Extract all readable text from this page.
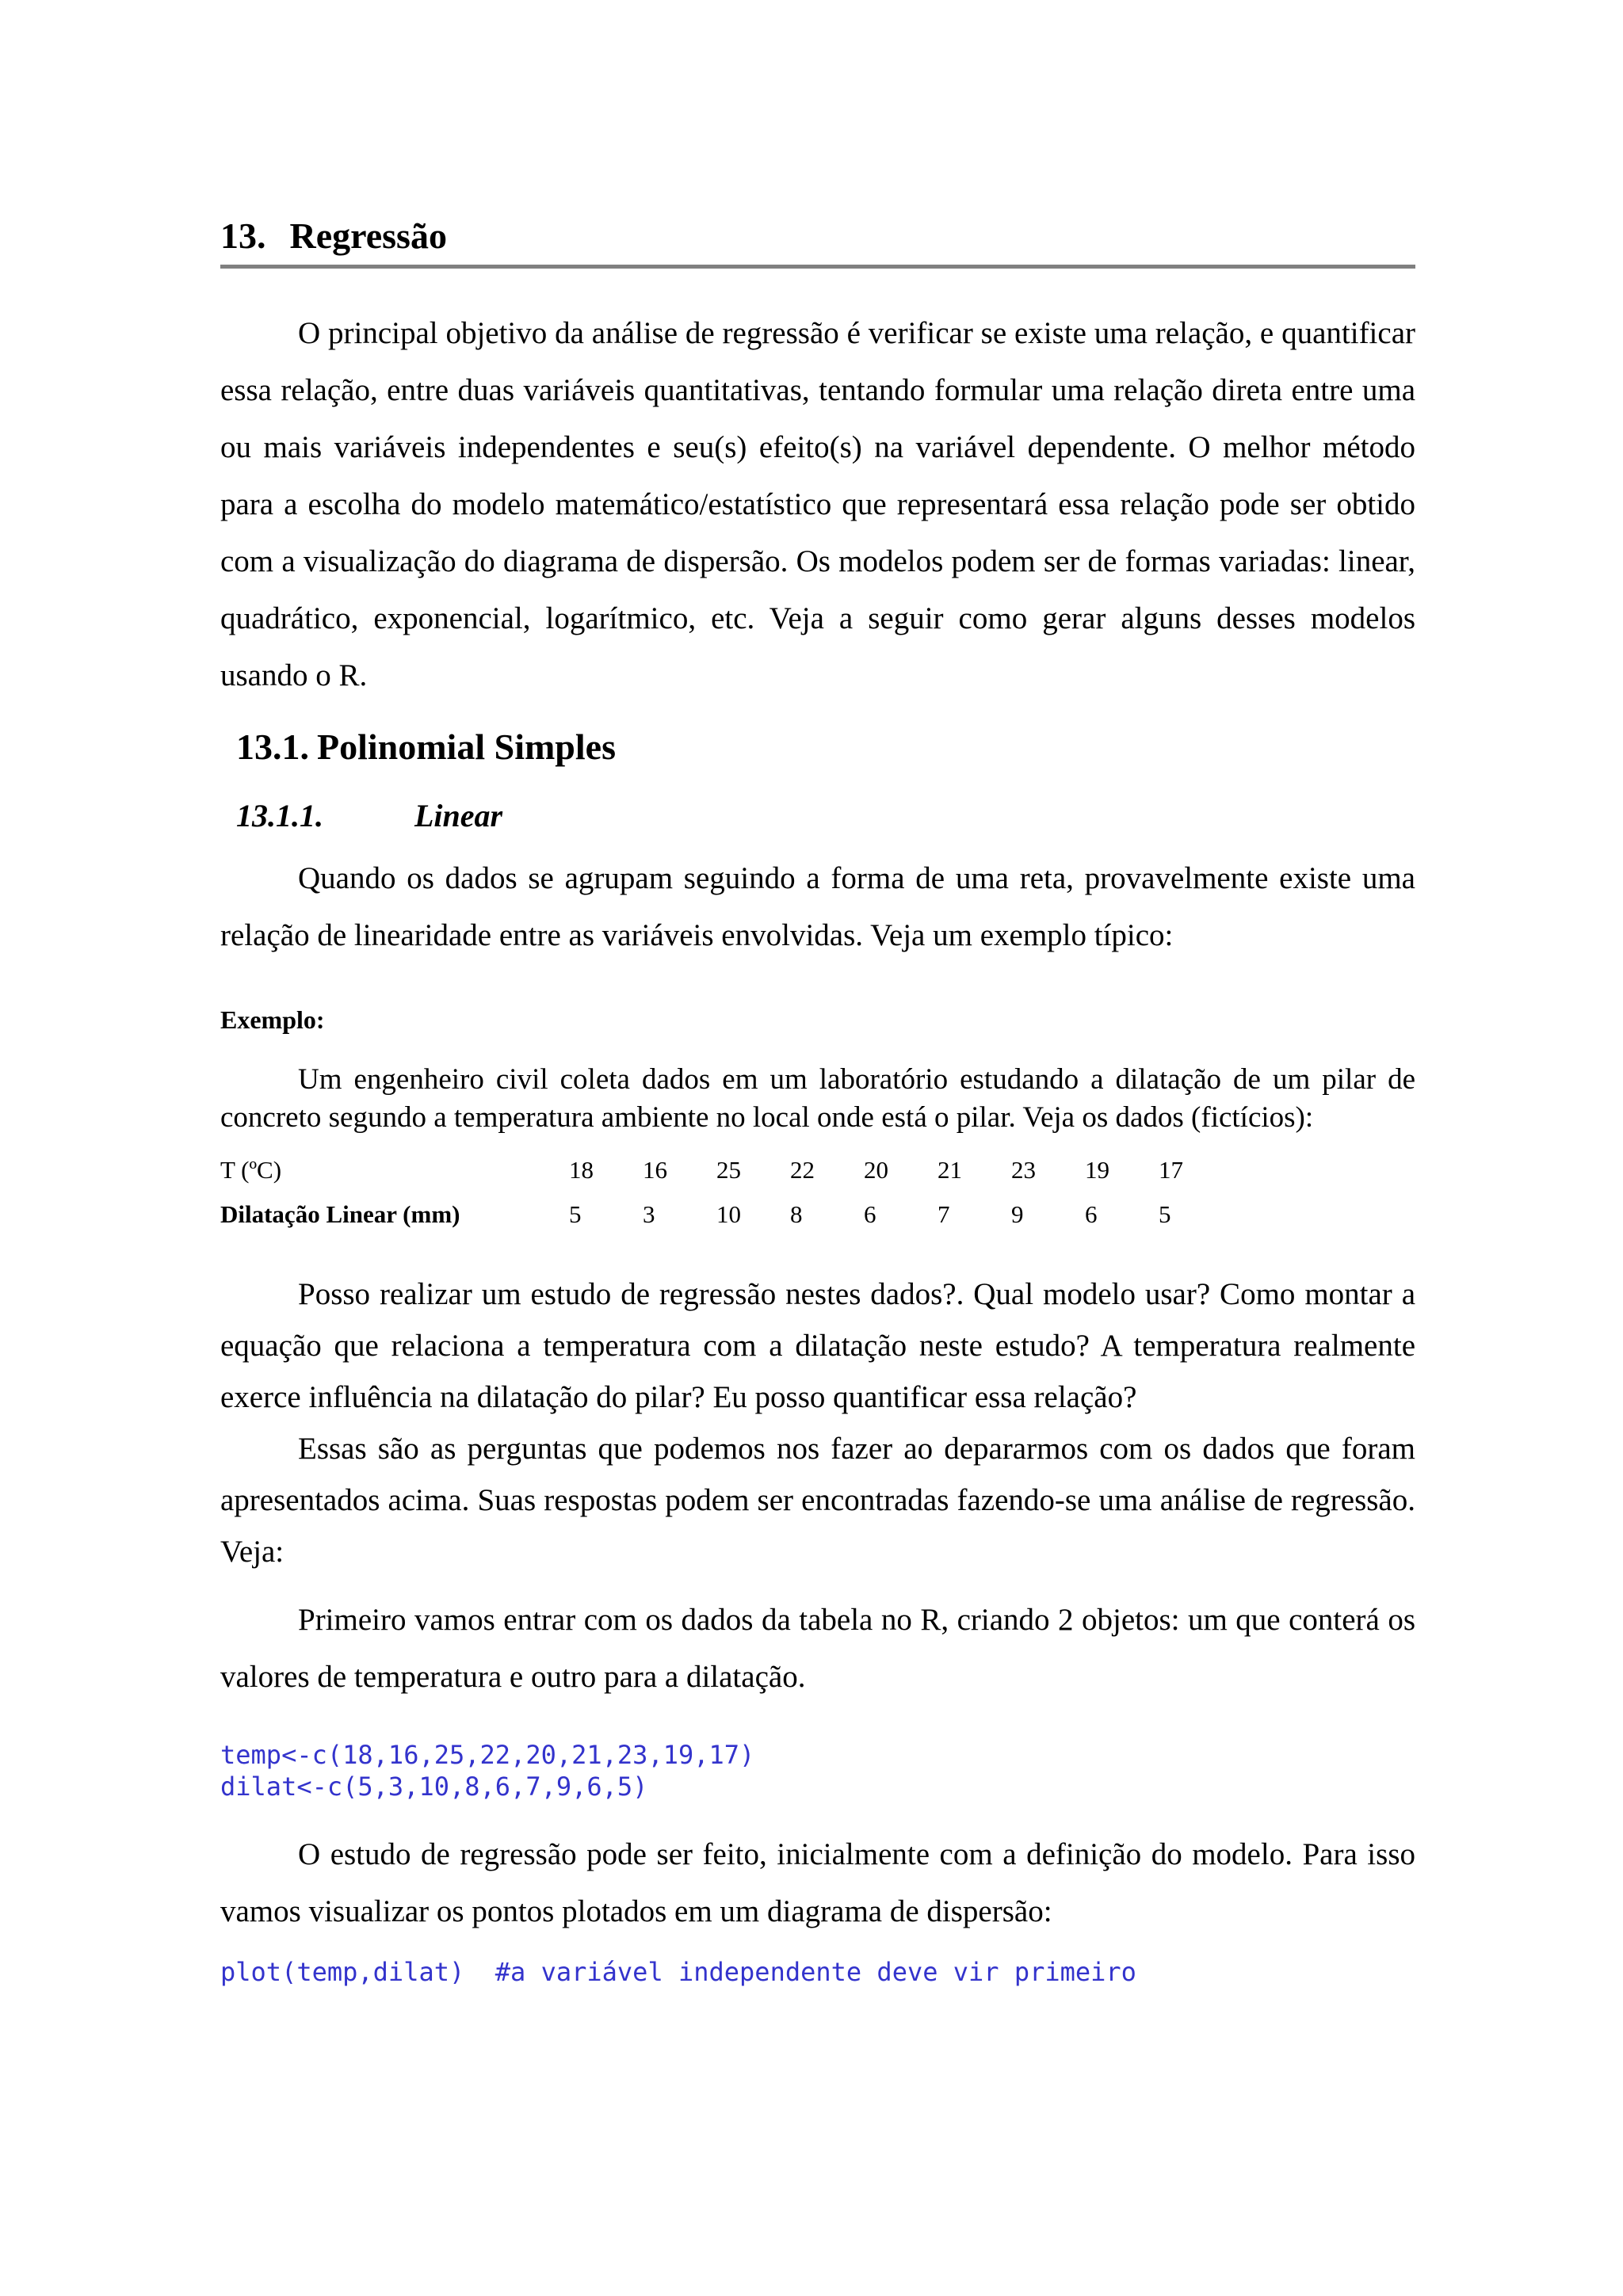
13. Regressão

O principal objetivo da análise de regressão é verificar se existe uma relação, e quantificar essa relação, entre duas variáveis quantitativas, tentando formular uma relação direta entre uma ou mais variáveis independentes e seu(s) efeito(s) na variável dependente. O melhor método para a escolha do modelo matemático/estatístico que representará essa relação pode ser obtido com a visualização do diagrama de dispersão. Os modelos podem ser de formas variadas: linear, quadrático, exponencial, logarítmico, etc. Veja a seguir como gerar alguns desses modelos usando o R.

13.1. Polinomial Simples
13.1.1.	Linear

Quando os dados se agrupam seguindo a forma de uma reta, provavelmente existe uma relação de linearidade entre as variáveis envolvidas. Veja um exemplo típico:

Exemplo:

Um engenheiro civil coleta dados em um laboratório estudando a dilatação de um pilar de concreto segundo a temperatura ambiente no local onde está o pilar. Veja os dados (fictícios):

T (ºC)	18	16	25	22	20	21	23	19	17
Dilatação Linear (mm)	5	3	10	8	6	7	9	6	5

Posso realizar um estudo de regressão nestes dados?. Qual modelo usar? Como montar a equação que relaciona a temperatura com a dilatação neste estudo? A temperatura realmente exerce influência na dilatação do pilar? Eu posso quantificar essa relação?

Essas são as perguntas que podemos nos fazer ao depararmos com os dados que foram apresentados acima. Suas respostas podem ser encontradas fazendo-se uma análise de regressão. Veja:

Primeiro vamos entrar com os dados da tabela no R, criando 2 objetos: um que conterá os valores de temperatura e outro para a dilatação.

temp<-c(18,16,25,22,20,21,23,19,17)
dilat<-c(5,3,10,8,6,7,9,6,5)

O estudo de regressão pode ser feito, inicialmente com a definição do modelo. Para isso vamos visualizar os pontos plotados em um diagrama de dispersão:

plot(temp,dilat)  #a variável independente deve vir primeiro
